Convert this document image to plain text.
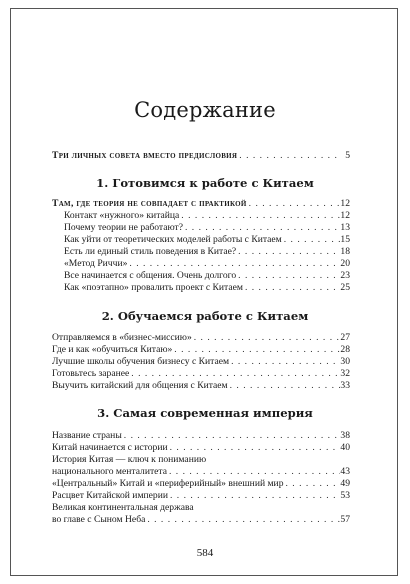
Содержание
Три личных совета вместо предисловия . . .	5
1. Готовимся к работе с Китаем
Там, где теория не совпадает с практикой . . .	12
Контакт «нужного» китайца . . .	12
Почему теории не работают? . . .	13
Как уйти от теоретических моделей работы с Китаем . . .	15
Есть ли единый стиль поведения в Китае? . . .	18
«Метод Риччи» . . .	20
Все начинается с общения. Очень долгого . . .	23
Как «поэтапно» провалить проект с Китаем . . .	25
2. Обучаемся работе с Китаем
Отправляемся в «бизнес-миссию» . . .	27
Где и как «обучиться Китаю» . . .	28
Лучшие школы обучения бизнесу с Китаем . . .	30
Готовьтесь заранее . . .	32
Выучить китайский для общения с Китаем . . .	33
3. Самая современная империя
Название страны . . .	38
Китай начинается с истории . . .	40
История Китая — ключ к пониманию
национального менталитета . . .	43
«Центральный» Китай и «периферийный» внешний мир . . .	49
Расцвет Китайской империи . . .	53
Великая континентальная держава
во главе с Сыном Неба . . .	57
584
